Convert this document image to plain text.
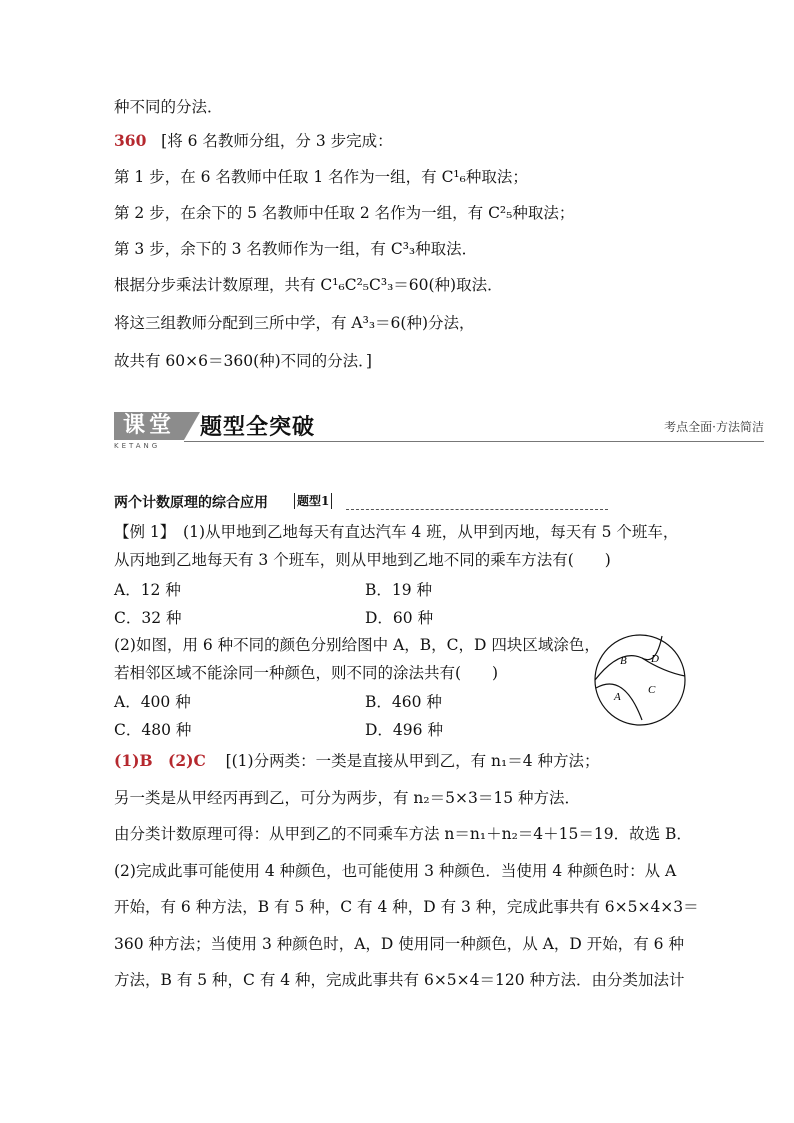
种不同的分法．
360 [将 6 名教师分组，分 3 步完成：
第 1 步，在 6 名教师中任取 1 名作为一组，有 C¹₆种取法；
第 2 步，在余下的 5 名教师中任取 2 名作为一组，有 C²₅种取法；
第 3 步，余下的 3 名教师作为一组，有 C³₃种取法．
根据分步乘法计数原理，共有 C¹₆C²₅C³₃＝60(种)取法．
将这三组教师分配到三所中学，有 A³₃＝6(种)分法，
故共有 60×6＝360(种)不同的分法．]
课堂
KETANG
题型全突破	考点全面·方法简洁
两个计数原理的综合应用 题型1
【例 1】　(1)从甲地到乙地每天有直达汽车 4 班，从甲到丙地，每天有 5 个班车，
从丙地到乙地每天有 3 个班车，则从甲地到乙地不同的乘车方法有(　　)
A．12 种	B．19 种
C．32 种	D．60 种
(2)如图，用 6 种不同的颜色分别给图中 A，B，C，D 四块区域涂色，
若相邻区域不能涂同一种颜色，则不同的涂法共有(　　)
A．400 种	B．460 种
C．480 种	D．496 种
B D
A
C
(1)B　(2)C [(1)分两类：一类是直接从甲到乙，有 n₁＝4 种方法；
另一类是从甲经丙再到乙，可分为两步，有 n₂＝5×3＝15 种方法．
由分类计数原理可得：从甲到乙的不同乘车方法 n＝n₁＋n₂＝4＋15＝19．故选 B．
(2)完成此事可能使用 4 种颜色，也可能使用 3 种颜色．当使用 4 种颜色时：从 A
开始，有 6 种方法，B 有 5 种，C 有 4 种，D 有 3 种，完成此事共有 6×5×4×3＝
360 种方法；当使用 3 种颜色时，A，D 使用同一种颜色，从 A，D 开始，有 6 种
方法，B 有 5 种，C 有 4 种，完成此事共有 6×5×4＝120 种方法．由分类加法计
